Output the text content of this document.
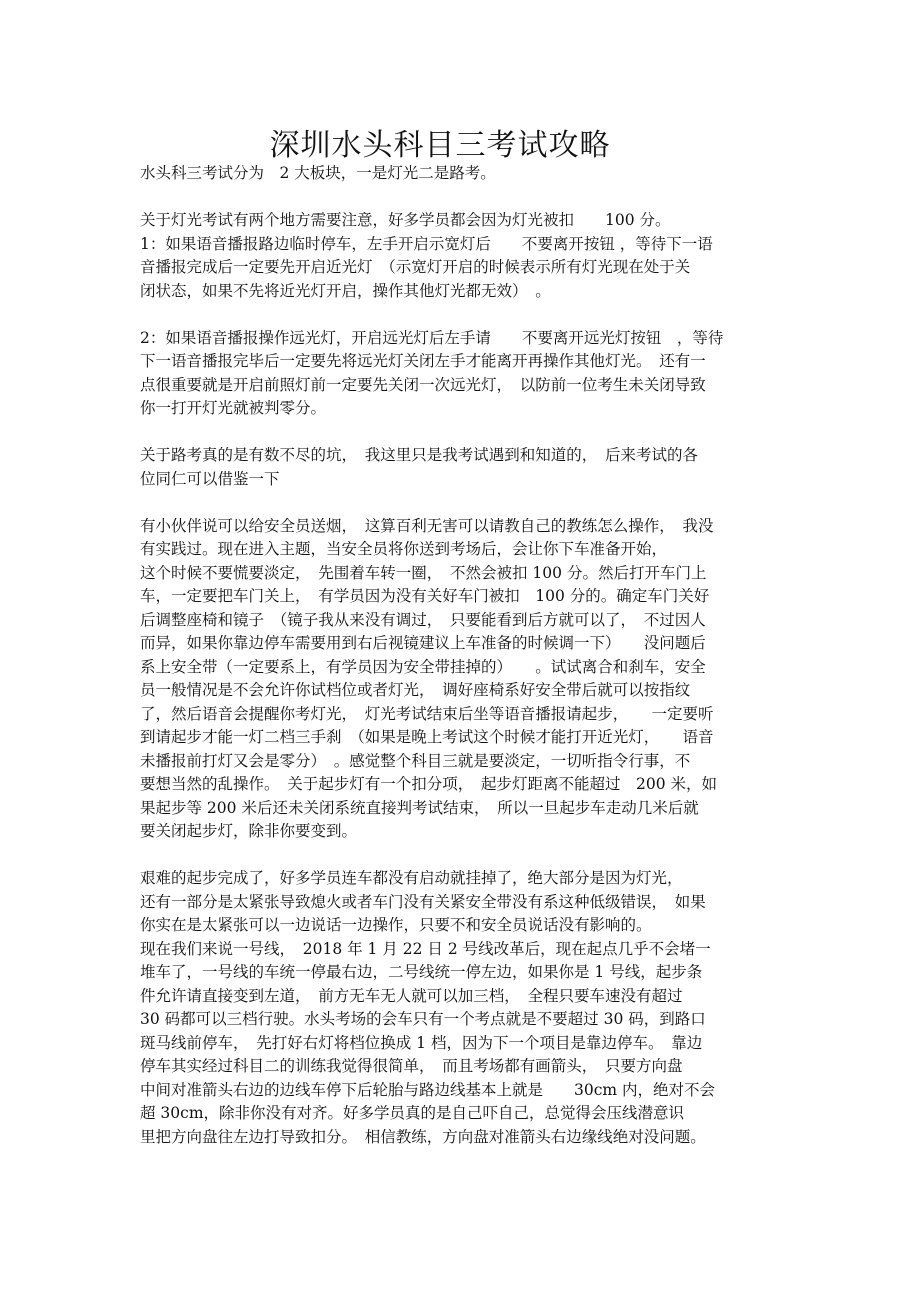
深圳水头科目三考试攻略
水头科三考试分为　2 大板块，一是灯光二是路考。
关于灯光考试有两个地方需要注意，好多学员都会因为灯光被扣　　100 分。
1：如果语音播报路边临时停车，左手开启示宽灯后　　不要离开按钮 ，等待下一语
音播报完成后一定要先开启近光灯　（示宽灯开启的时候表示所有灯光现在处于关
闭状态，如果不先将近光灯开启，操作其他灯光都无效）　。
2：如果语音播报操作远光灯，开启远光灯后左手请　　不要离开远光灯按钮　，等待
下一语音播报完毕后一定要先将远光灯关闭左手才能离开再操作其他灯光。　还有一
点很重要就是开启前照灯前一定要先关闭一次远光灯，　以防前一位考生未关闭导致
你一打开灯光就被判零分。
关于路考真的是有数不尽的坑，　我这里只是我考试遇到和知道的，　后来考试的各
位同仁可以借鉴一下
有小伙伴说可以给安全员送烟，　这算百利无害可以请教自己的教练怎么操作，　我没
有实践过。现在进入主题，当安全员将你送到考场后，会让你下车准备开始，
这个时候不要慌要淡定，　先围着车转一圈，　不然会被扣 100 分。然后打开车门上
车，一定要把车门关上，　有学员因为没有关好车门被扣　100 分的。确定车门关好
后调整座椅和镜子　（镜子我从来没有调过，　只要能看到后方就可以了，　不过因人
而异，如果你靠边停车需要用到右后视镜建议上车准备的时候调一下）　　没问题后
系上安全带（一定要系上，有学员因为安全带挂掉的）　　。试试离合和刹车，安全
员一般情况是不会允许你试档位或者灯光，　调好座椅系好安全带后就可以按指纹
了，然后语音会提醒你考灯光，　灯光考试结束后坐等语音播报请起步，　　一定要听
到请起步才能一灯二档三手刹　（如果是晚上考试这个时候才能打开近光灯，　　语音
未播报前打灯又会是零分）　。感觉整个科目三就是要淡定，一切听指令行事，不
要想当然的乱操作。　关于起步灯有一个扣分项，　起步灯距离不能超过　200 米，如
果起步等 200 米后还未关闭系统直接判考试结束，　所以一旦起步车走动几米后就
要关闭起步灯，除非你要变到。
艰难的起步完成了，好多学员连车都没有启动就挂掉了，绝大部分是因为灯光，
还有一部分是太紧张导致熄火或者车门没有关紧安全带没有系这种低级错误，　如果
你实在是太紧张可以一边说话一边操作，只要不和安全员说话没有影响的。
现在我们来说一号线，　2018 年 1 月 22 日 2 号线改革后，现在起点几乎不会堵一
堆车了，一号线的车统一停最右边，二号线统一停左边，如果你是 1 号线，起步条
件允许请直接变到左道，　前方无车无人就可以加三档，　全程只要车速没有超过
30 码都可以三档行驶。水头考场的会车只有一个考点就是不要超过 30 码，到路口
斑马线前停车，　先打好右灯将档位换成 1 档，因为下一个项目是靠边停车。　靠边
停车其实经过科目二的训练我觉得很简单，　而且考场都有画箭头，　只要方向盘
中间对准箭头右边的边线车停下后轮胎与路边线基本上就是　　30cm 内，绝对不会
超 30cm，除非你没有对齐。好多学员真的是自己吓自己，总觉得会压线潜意识
里把方向盘往左边打导致扣分。　相信教练，方向盘对准箭头右边缘线绝对没问题。
